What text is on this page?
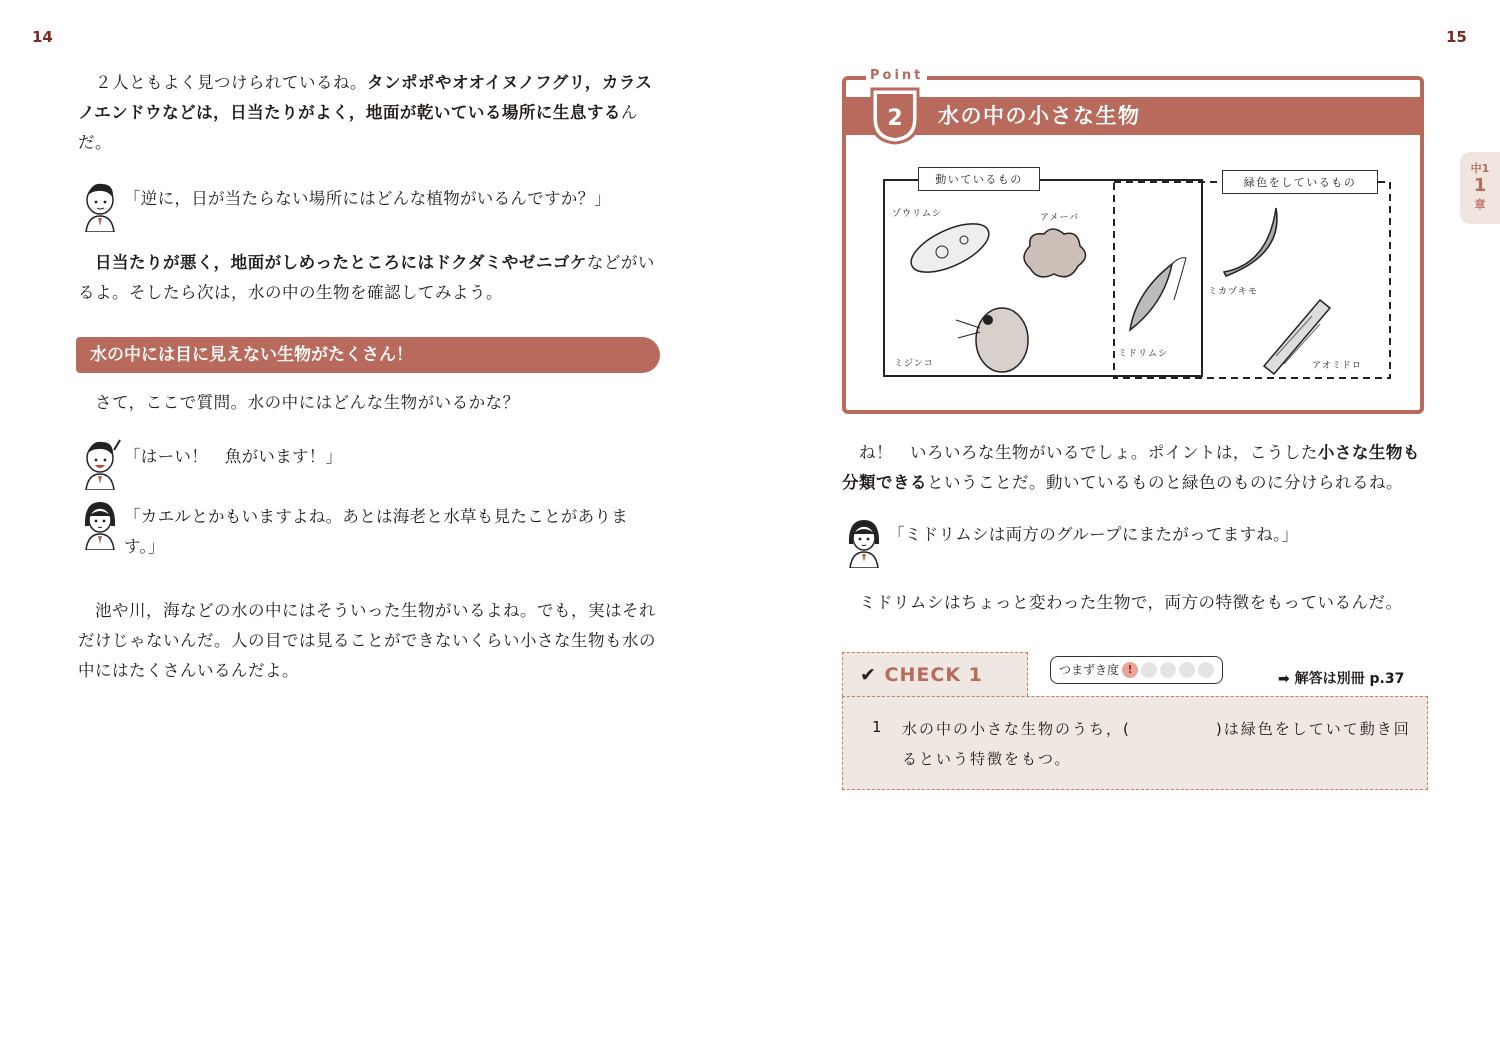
14	15

　２人ともよく見つけられているね。タンポポやオオイヌノフグリ，カラスノエンドウなどは，日当たりがよく，地面が乾いている場所に生息するんだ。

「逆に，日が当たらない場所にはどんな植物がいるんですか？」

　日当たりが悪く，地面がしめったところにはドクダミやゼニゴケなどがいるよ。そしたら次は，水の中の生物を確認してみよう。

水の中には目に見えない生物がたくさん！

　さて，ここで質問。水の中にはどんな生物がいるかな？

「はーい！　魚がいます！」
「カエルとかもいますよね。あとは海老と水草も見たことがあります。」

　池や川，海などの水の中にはそういった生物がいるよね。でも，実はそれだけじゃないんだ。人の目では見ることができないくらい小さな生物も水の中にはたくさんいるんだよ。

Point
2 水の中の小さな生物
動いているもの	緑色をしているもの
ゾウリムシ	アメーバ
ミジンコ
ミドリムシ
ミカヅキモ
アオミドロ
中1
1
章

　ね！　いろいろな生物がいるでしょ。ポイントは，こうした小さな生物も分類できるということだ。動いているものと緑色のものに分けられるね。

「ミドリムシは両方のグループにまたがってますね。」

　ミドリムシはちょっと変わった生物で，両方の特徴をもっているんだ。

✔ CHECK 1	つまずき度 !
➡ 解答は別冊 p.37
1 水の中の小さな生物のうち，(　　　　　)は緑色をしていて動き回るという特徴をもつ。
